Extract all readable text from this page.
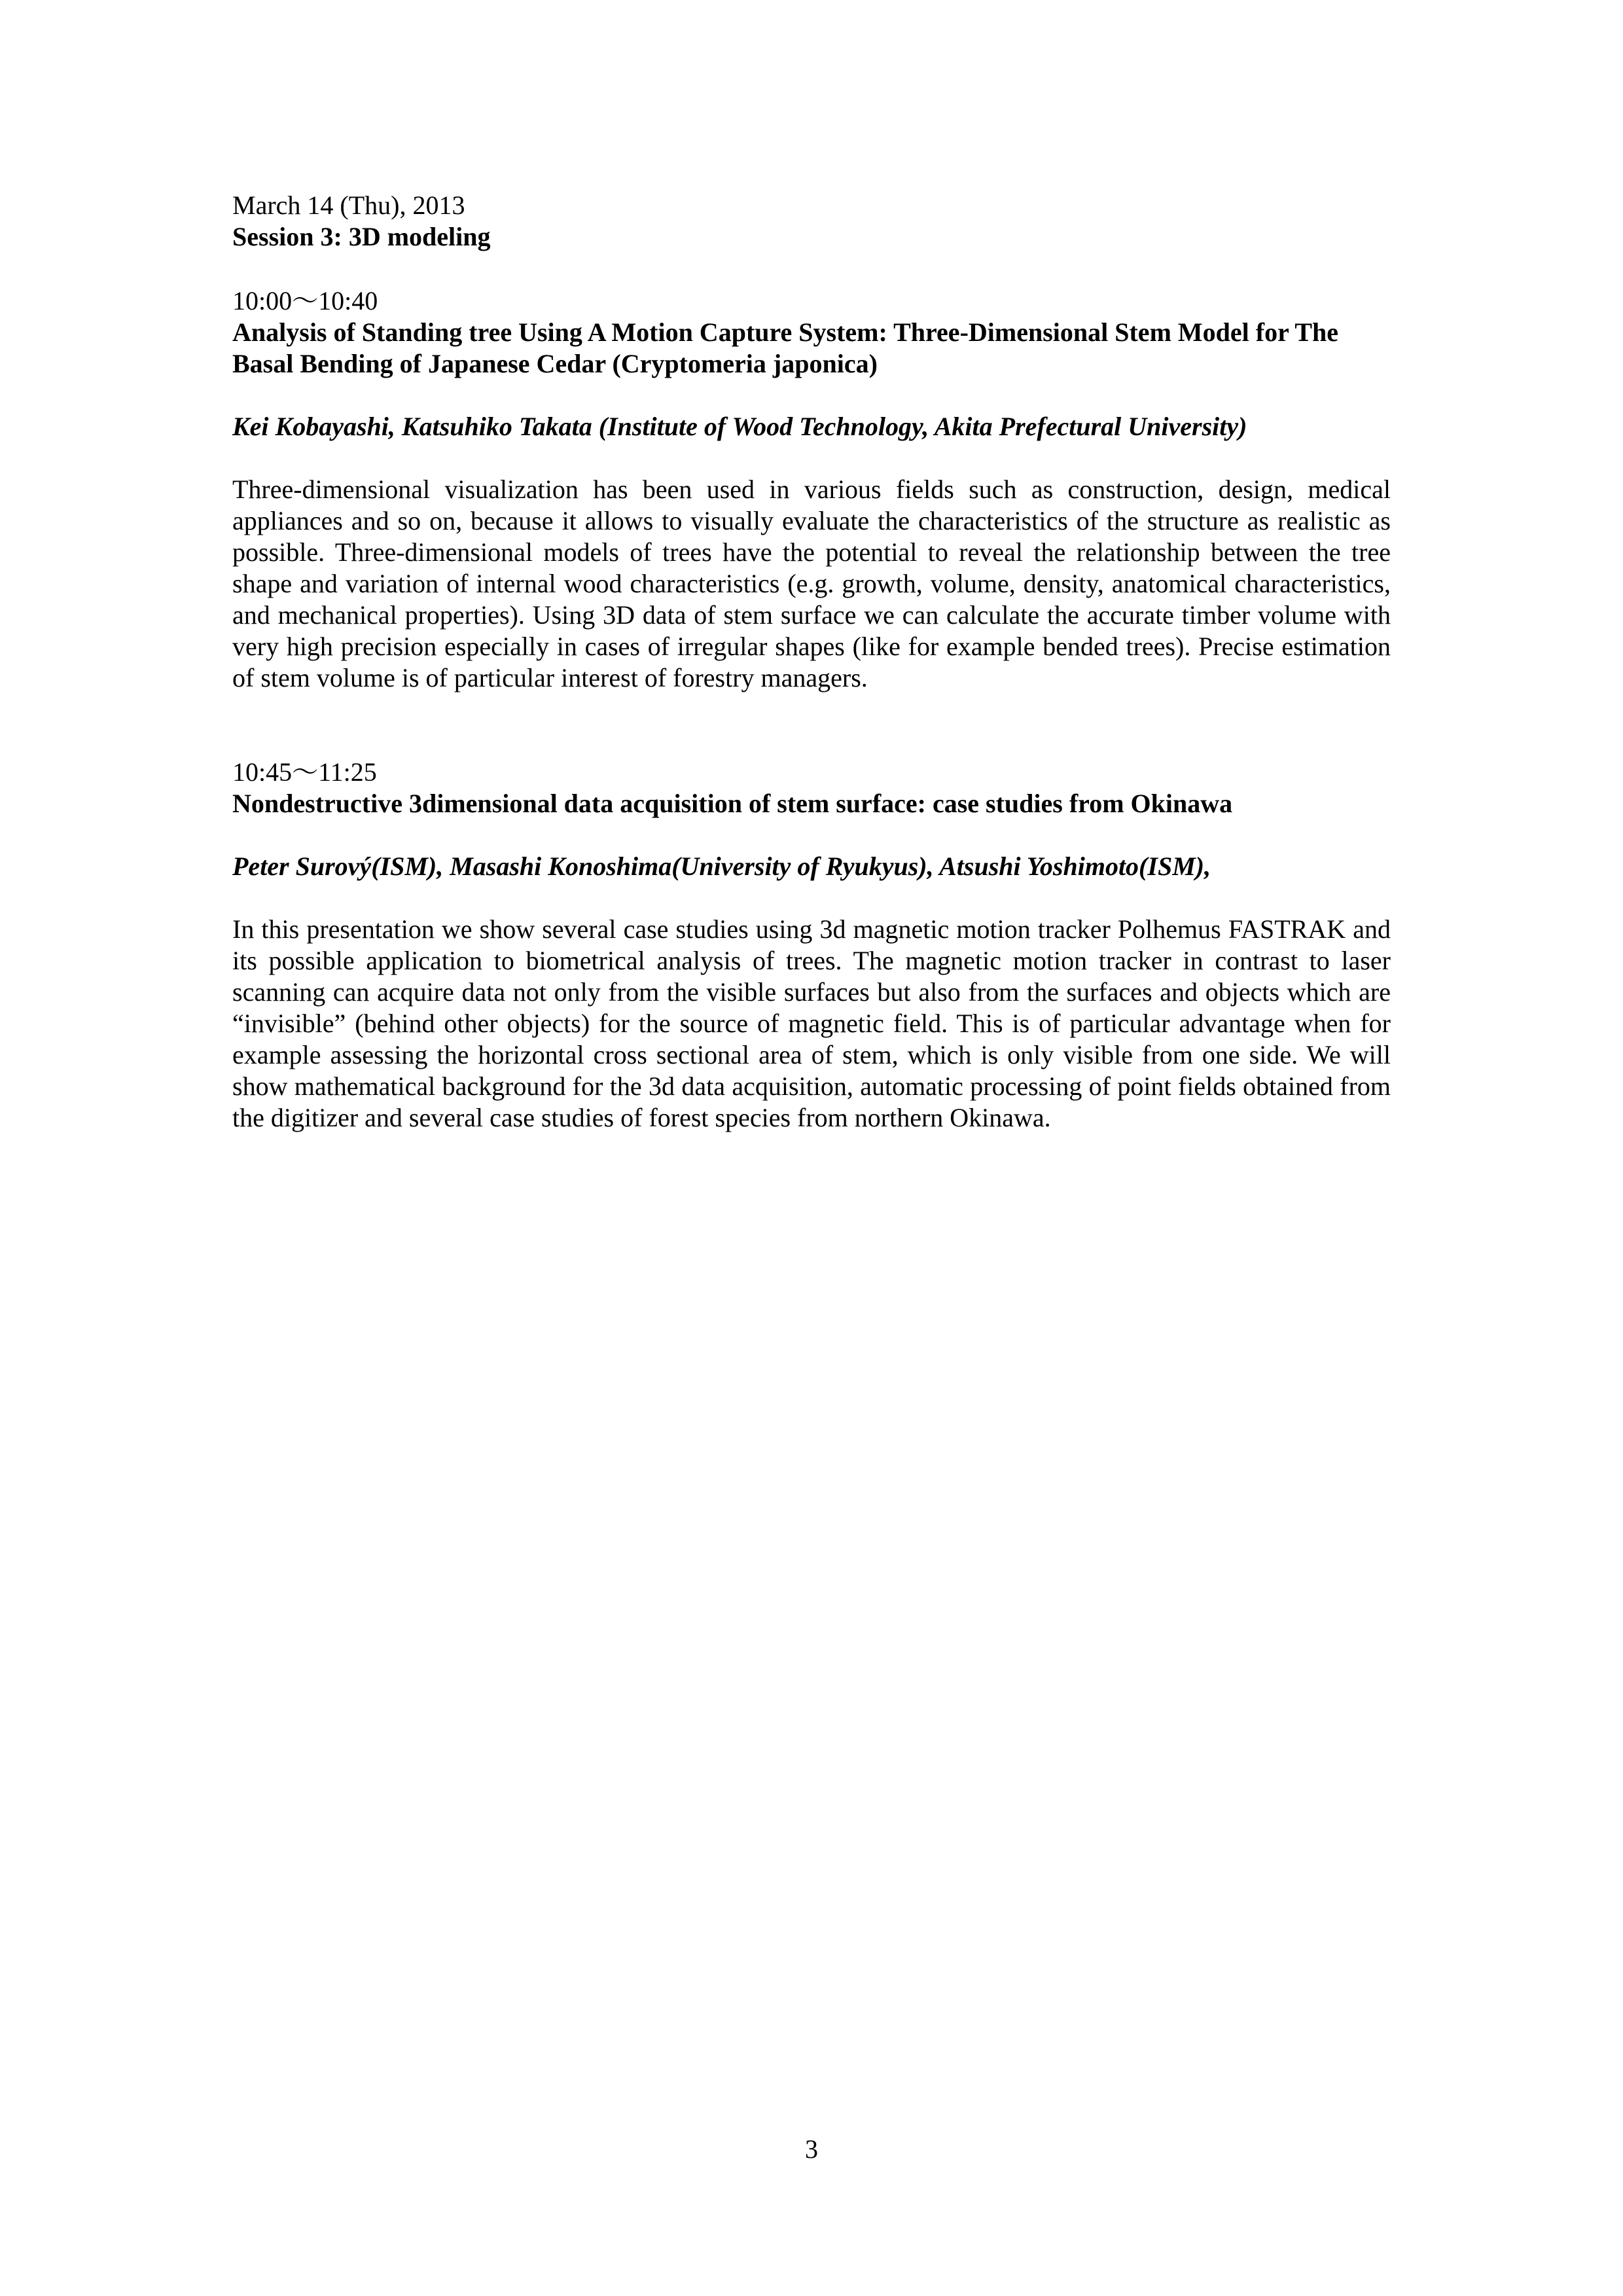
March 14 (Thu), 2013
Session 3: 3D modeling
10:00～10:40
Analysis of Standing tree Using A Motion Capture System: Three-Dimensional Stem Model for The
Basal Bending of Japanese Cedar (Cryptomeria japonica)
Kei Kobayashi, Katsuhiko Takata (Institute of Wood Technology, Akita Prefectural University)
Three-dimensional visualization has been used in various fields such as construction, design, medical appliances and so on, because it allows to visually evaluate the characteristics of the structure as realistic as possible. Three-dimensional models of trees have the potential to reveal the relationship between the tree shape and variation of internal wood characteristics (e.g. growth, volume, density, anatomical characteristics, and mechanical properties). Using 3D data of stem surface we can calculate the accurate timber volume with very high precision especially in cases of irregular shapes (like for example bended trees). Precise estimation of stem volume is of particular interest of forestry managers.
10:45～11:25
Nondestructive 3dimensional data acquisition of stem surface: case studies from Okinawa
Peter Surový(ISM), Masashi Konoshima(University of Ryukyus), Atsushi Yoshimoto(ISM),
In this presentation we show several case studies using 3d magnetic motion tracker Polhemus FASTRAK and its possible application to biometrical analysis of trees. The magnetic motion tracker in contrast to laser scanning can acquire data not only from the visible surfaces but also from the surfaces and objects which are “invisible” (behind other objects) for the source of magnetic field. This is of particular advantage when for example assessing the horizontal cross sectional area of stem, which is only visible from one side. We will show mathematical background for the 3d data acquisition, automatic processing of point fields obtained from the digitizer and several case studies of forest species from northern Okinawa.
3
